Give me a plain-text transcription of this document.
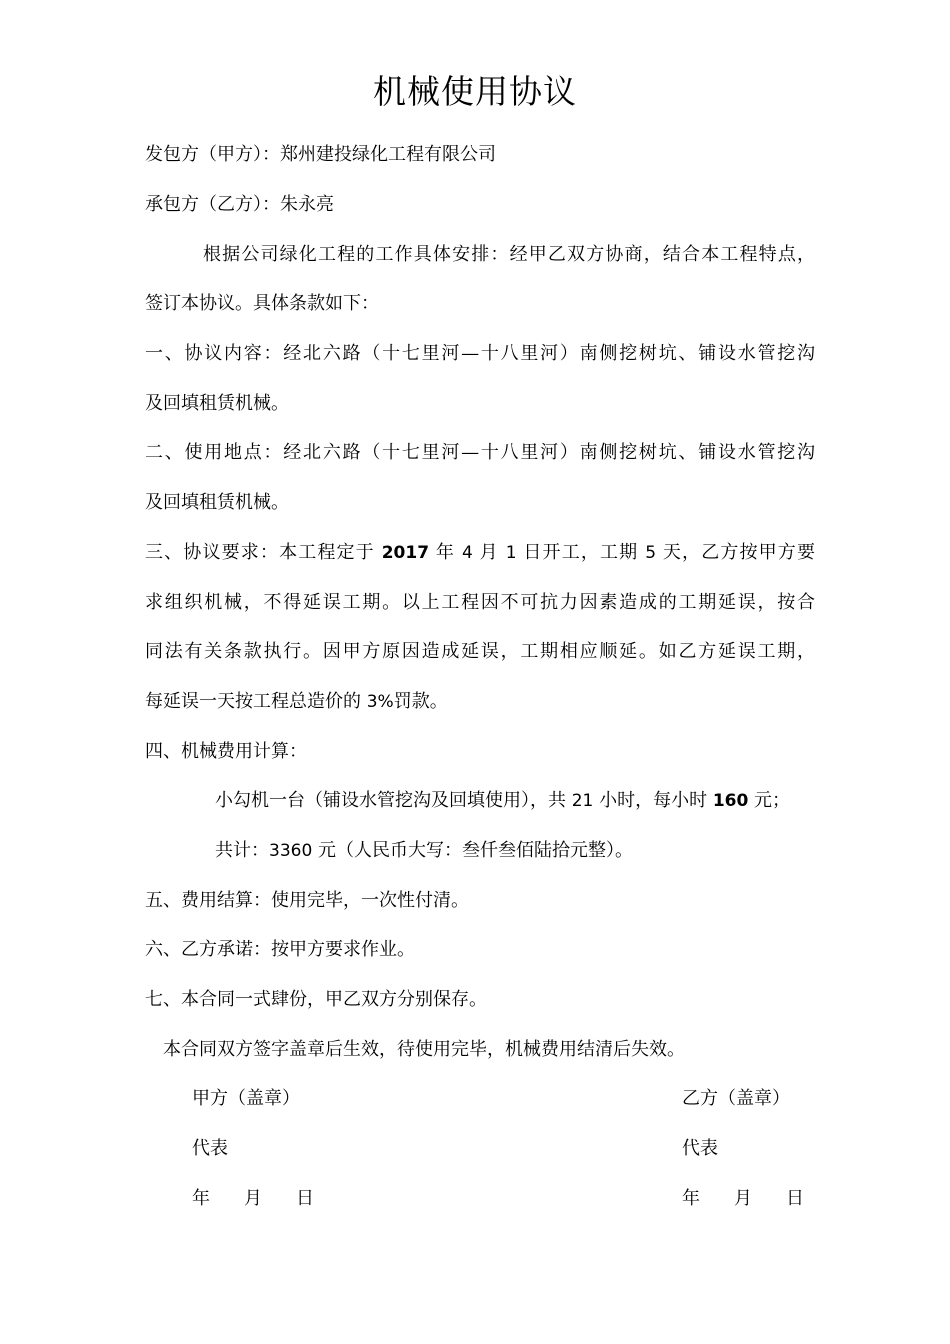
机械使用协议
发包方（甲方）：郑州建投绿化工程有限公司
承包方（乙方）：朱永亮
根据公司绿化工程的工作具体安排：经甲乙双方协商，结合本工程特点，
签订本协议。具体条款如下：
一、协议内容：经北六路（十七里河—十八里河）南侧挖树坑、铺设水管挖沟
及回填租赁机械。
二、使用地点：经北六路（十七里河—十八里河）南侧挖树坑、铺设水管挖沟
及回填租赁机械。
三、协议要求：本工程定于 2017 年 4 月 1 日开工，工期 5 天，乙方按甲方要
求组织机械，不得延误工期。以上工程因不可抗力因素造成的工期延误，按合
同法有关条款执行。因甲方原因造成延误，工期相应顺延。如乙方延误工期，
每延误一天按工程总造价的 3%罚款。
四、机械费用计算：
小勾机一台（铺设水管挖沟及回填使用），共 21 小时，每小时 160 元；
共计：3360 元（人民币大写：叁仟叁佰陆拾元整）。
五、费用结算：使用完毕，一次性付清。
六、乙方承诺：按甲方要求作业。
七、本合同一式肆份，甲乙双方分别保存。
本合同双方签字盖章后生效，待使用完毕，机械费用结清后失效。
甲方（盖章）	乙方（盖章）
代表	代表
年 月 日	年 月 日
